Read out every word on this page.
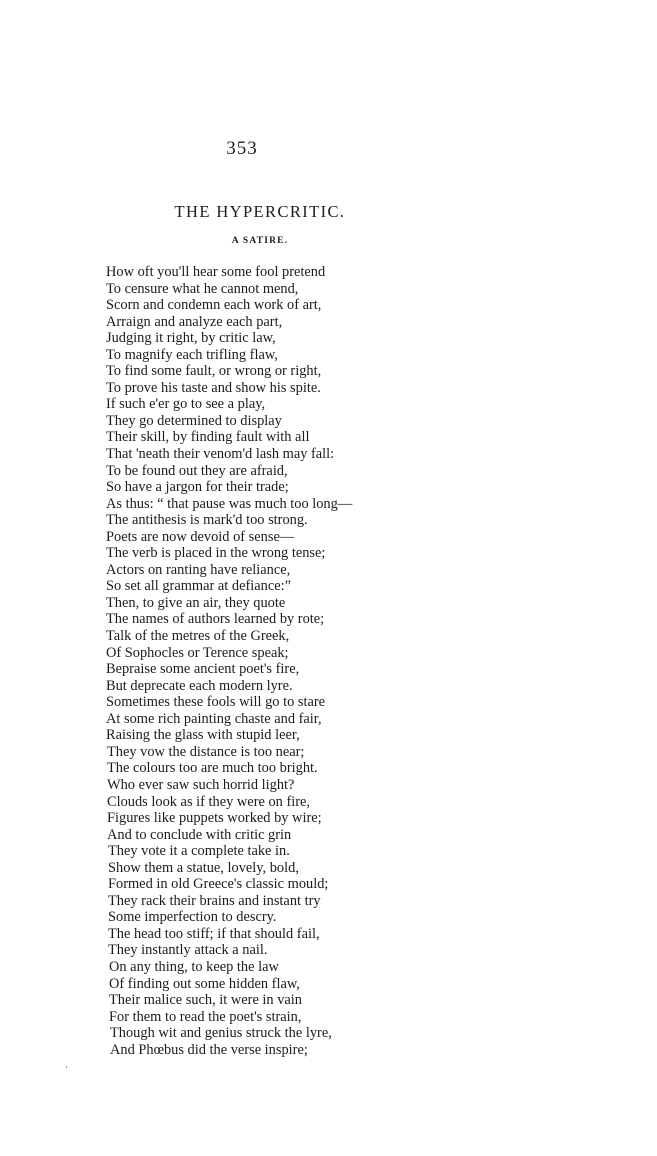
353
THE HYPERCRITIC.
A SATIRE.
How oft you'll hear some fool pretend
To censure what he cannot mend,
Scorn and condemn each work of art,
Arraign and analyze each part,
Judging it right, by critic law,
To magnify each trifling flaw,
To find some fault, or wrong or right,
To prove his taste and show his spite.
If such e'er go to see a play,
They go determined to display
Their skill, by finding fault with all
That 'neath their venom'd lash may fall:
To be found out they are afraid,
So have a jargon for their trade;
As thus: “ that pause was much too long—
The antithesis is mark'd too strong.
Poets are now devoid of sense—
The verb is placed in the wrong tense;
Actors on ranting have reliance,
So set all grammar at defiance:”
Then, to give an air, they quote
The names of authors learned by rote;
Talk of the metres of the Greek,
Of Sophocles or Terence speak;
Bepraise some ancient poet's fire,
But deprecate each modern lyre.
Sometimes these fools will go to stare
At some rich painting chaste and fair,
Raising the glass with stupid leer,
They vow the distance is too near;
The colours too are much too bright.
Who ever saw such horrid light?
Clouds look as if they were on fire,
Figures like puppets worked by wire;
And to conclude with critic grin
They vote it a complete take in.
Show them a statue, lovely, bold,
Formed in old Greece's classic mould;
They rack their brains and instant try
Some imperfection to descry.
The head too stiff; if that should fail,
They instantly attack a nail.
On any thing, to keep the law
Of finding out some hidden flaw,
Their malice such, it were in vain
For them to read the poet's strain,
Though wit and genius struck the lyre,
And Phœbus did the verse inspire;
